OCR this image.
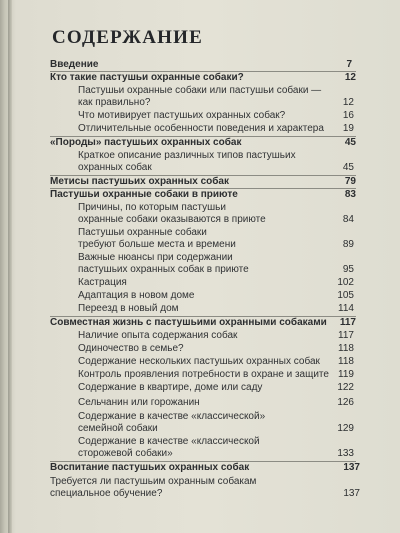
СОДЕРЖАНИЕ
Введение	7
Кто такие пастушьи охранные собаки?	12
Пастушьи охранные собаки или пастушьи собаки —
как правильно?	12
Что мотивирует пастушьих охранных собак?	16
Отличительные особенности поведения и характера 19
«Породы» пастушьих охранных собак	45
Краткое описание различных типов пастушьих
охранных собак	45
Метисы пастушьих охранных собак	79
Пастушьи охранные собаки в приюте	83
Причины, по которым пастушьи
охранные собаки оказываются в приюте	84
Пастушьи охранные собаки
требуют больше места и времени	89
Важные нюансы при содержании
пастушьих охранных собак в приюте	95
Кастрация	102
Адаптация в новом доме	105
Переезд в новый дом	114
Совместная жизнь с пастушьими охранными собаками 117
Наличие опыта содержания собак	117
Одиночество в семье?	118
Содержание нескольких пастушьих охранных собак 118
Контроль проявления потребности в охране и защите 119
Содержание в квартире, доме или саду	122
Сельчанин или горожанин	126
Содержание в качестве «классической»
семейной собаки	129
Содержание в качестве «классической
сторожевой собаки»	133
Воспитание пастушьих охранных собак	137
Требуется ли пастушьим охранным собакам
специальное обучение?	137
